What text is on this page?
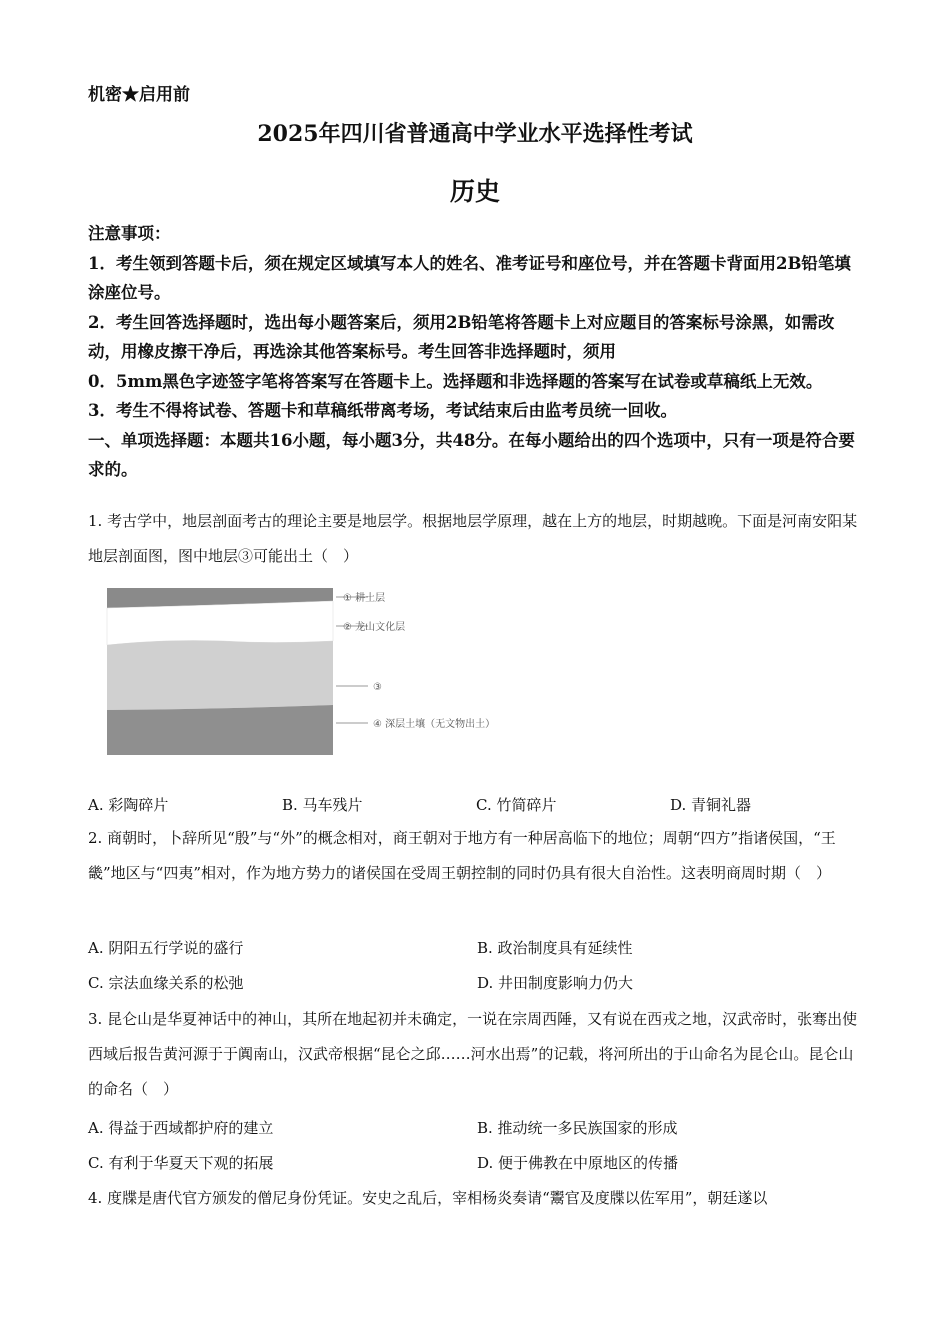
机密★启用前
2025年四川省普通高中学业水平选择性考试
历史

注意事项：

1．考生领到答题卡后，须在规定区域填写本人的姓名、准考证号和座位号，并在答题卡背面用2B铅笔填涂座位号。

2．考生回答选择题时，选出每小题答案后，须用2B铅笔将答题卡上对应题目的答案标号涂黑，如需改动，用橡皮擦干净后，再选涂其他答案标号。考生回答非选择题时，须用

0．5mm黑色字迹签字笔将答案写在答题卡上。选择题和非选择题的答案写在试卷或草稿纸上无效。

3．考生不得将试卷、答题卡和草稿纸带离考场，考试结束后由监考员统一回收。

一、单项选择题：本题共16小题，每小题3分，共48分。在每小题给出的四个选项中，只有一项是符合要求的。

1. 考古学中，地层剖面考古的理论主要是地层学。根据地层学原理，越在上方的地层，时期越晚。下面是河南安阳某地层剖面图，图中地层③可能出土（　）

① 耕土层
② 龙山文化层
③
④ 深层土壤（无文物出土）
A. 彩陶碎片	B. 马车残片	C. 竹简碎片	D. 青铜礼器

2. 商朝时，卜辞所见“殷”与“外”的概念相对，商王朝对于地方有一种居高临下的地位；周朝“四方”指诸侯国，“王畿”地区与“四夷”相对，作为地方势力的诸侯国在受周王朝控制的同时仍具有很大自治性。这表明商周时期（　）

A. 阴阳五行学说的盛行	B. 政治制度具有延续性
C. 宗法血缘关系的松弛	D. 井田制度影响力仍大

3. 昆仑山是华夏神话中的神山，其所在地起初并未确定，一说在宗周西陲，又有说在西戎之地，汉武帝时，张骞出使西域后报告黄河源于于阗南山，汉武帝根据“昆仑之邱……河水出焉”的记载，将河所出的于山命名为昆仑山。昆仑山的命名（　）

A. 得益于西域都护府的建立	B. 推动统一多民族国家的形成
C. 有利于华夏天下观的拓展	D. 便于佛教在中原地区的传播

4. 度牒是唐代官方颁发的僧尼身份凭证。安史之乱后，宰相杨炎奏请“鬻官及度牒以佐军用”，朝廷遂以
